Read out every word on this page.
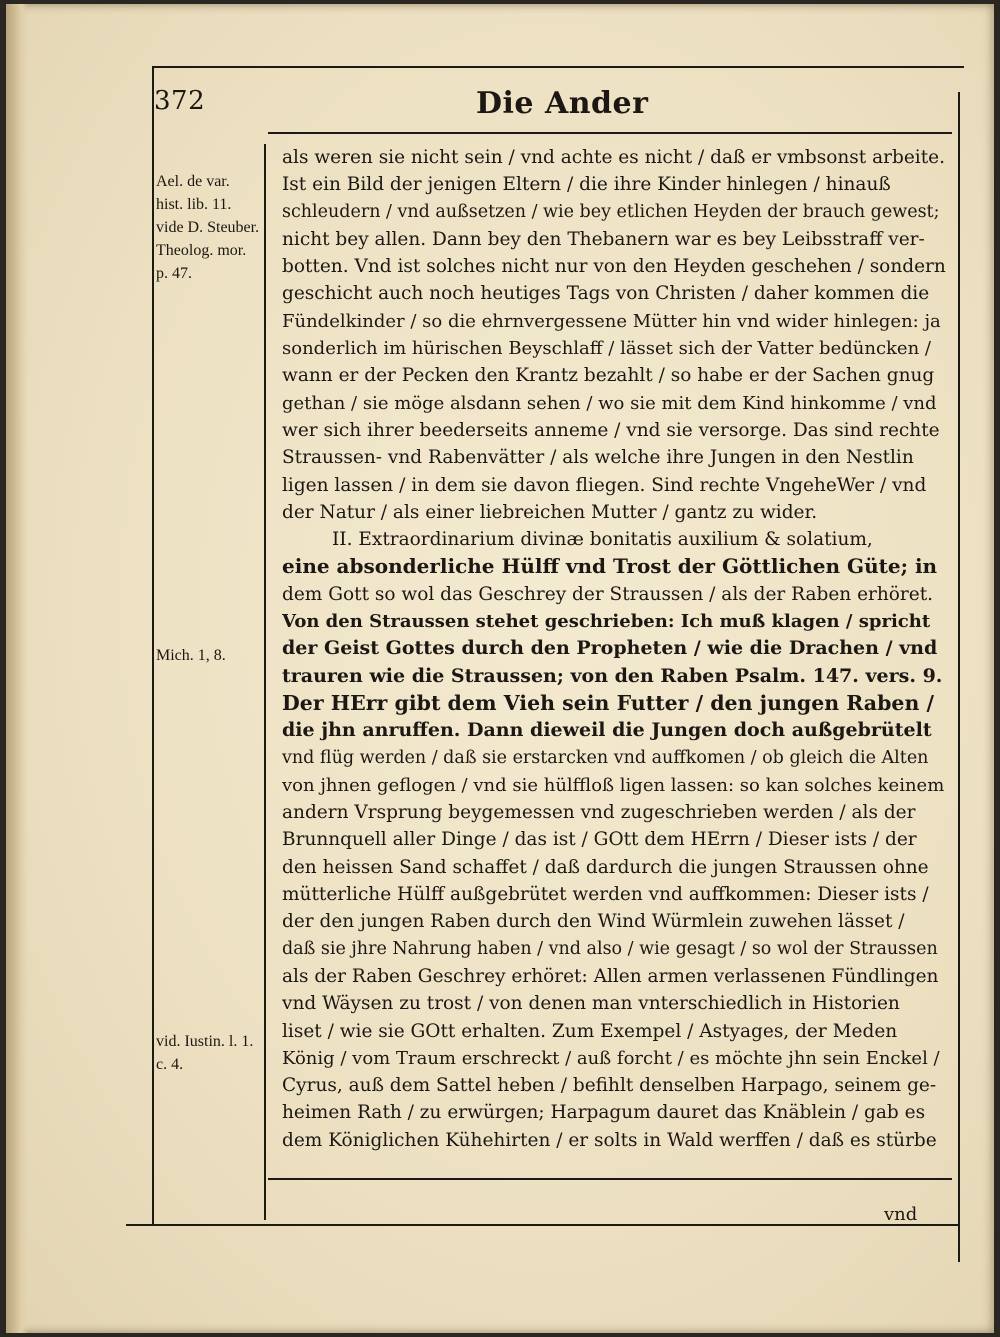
372	Die Ander
Ael. de var. hist. lib. 11. vide D. Steuber. Theolog. mor. p. 47.
Mich. 1, 8.
vid. Iustin. l. 1. c. 4.
als weren sie nicht sein / vnd achte es nicht / daß er vmbsonst arbeite.
Ist ein Bild der jenigen Eltern / die ihre Kinder hinlegen / hinauß
schleudern / vnd außsetzen / wie bey etlichen Heyden der brauch gewest;
nicht bey allen. Dann bey den Thebanern war es bey Leibsstraff ver-
botten. Vnd ist solches nicht nur von den Heyden geschehen / sondern
geschicht auch noch heutiges Tags von Christen / daher kommen die
Fündelkinder / so die ehrnvergessene Mütter hin vnd wider hinlegen: ja
sonderlich im hürischen Beyschlaff / lässet sich der Vatter bedüncken /
wann er der Pecken den Krantz bezahlt / so habe er der Sachen gnug
gethan / sie möge alsdann sehen / wo sie mit dem Kind hinkomme / vnd
wer sich ihrer beederseits anneme / vnd sie versorge. Das sind rechte
Straussen- vnd Rabenvätter / als welche ihre Jungen in den Nestlin
ligen lassen / in dem sie davon fliegen. Sind rechte VngeheWer / vnd
der Natur / als einer liebreichen Mutter / gantz zu wider.
II. Extraordinarium divinæ bonitatis auxilium & solatium,
eine absonderliche Hülff vnd Trost der Göttlichen Güte; in
dem Gott so wol das Geschrey der Straussen / als der Raben erhöret.
Von den Straussen stehet geschrieben: Ich muß klagen / spricht
der Geist Gottes durch den Propheten / wie die Drachen / vnd
trauren wie die Straussen; von den Raben Psalm. 147. vers. 9.
Der HErr gibt dem Vieh sein Futter / den jungen Raben /
die jhn anruffen. Dann dieweil die Jungen doch außgebrütelt
vnd flüg werden / daß sie erstarcken vnd auffkomen / ob gleich die Alten
von jhnen geflogen / vnd sie hülffloß ligen lassen: so kan solches keinem
andern Vrsprung beygemessen vnd zugeschrieben werden / als der
Brunnquell aller Dinge / das ist / GOtt dem HErrn / Dieser ists / der
den heissen Sand schaffet / daß dardurch die jungen Straussen ohne
mütterliche Hülff außgebrütet werden vnd auffkommen: Dieser ists /
der den jungen Raben durch den Wind Würmlein zuwehen lässet /
daß sie jhre Nahrung haben / vnd also / wie gesagt / so wol der Straussen
als der Raben Geschrey erhöret: Allen armen verlassenen Fündlingen
vnd Wäysen zu trost / von denen man vnterschiedlich in Historien
liset / wie sie GOtt erhalten. Zum Exempel / Astyages, der Meden
König / vom Traum erschreckt / auß forcht / es möchte jhn sein Enckel /
Cyrus, auß dem Sattel heben / befihlt denselben Harpago, seinem ge-
heimen Rath / zu erwürgen; Harpagum dauret das Knäblein / gab es
dem Königlichen Kühehirten / er solts in Wald werffen / daß es stürbe
vnd
